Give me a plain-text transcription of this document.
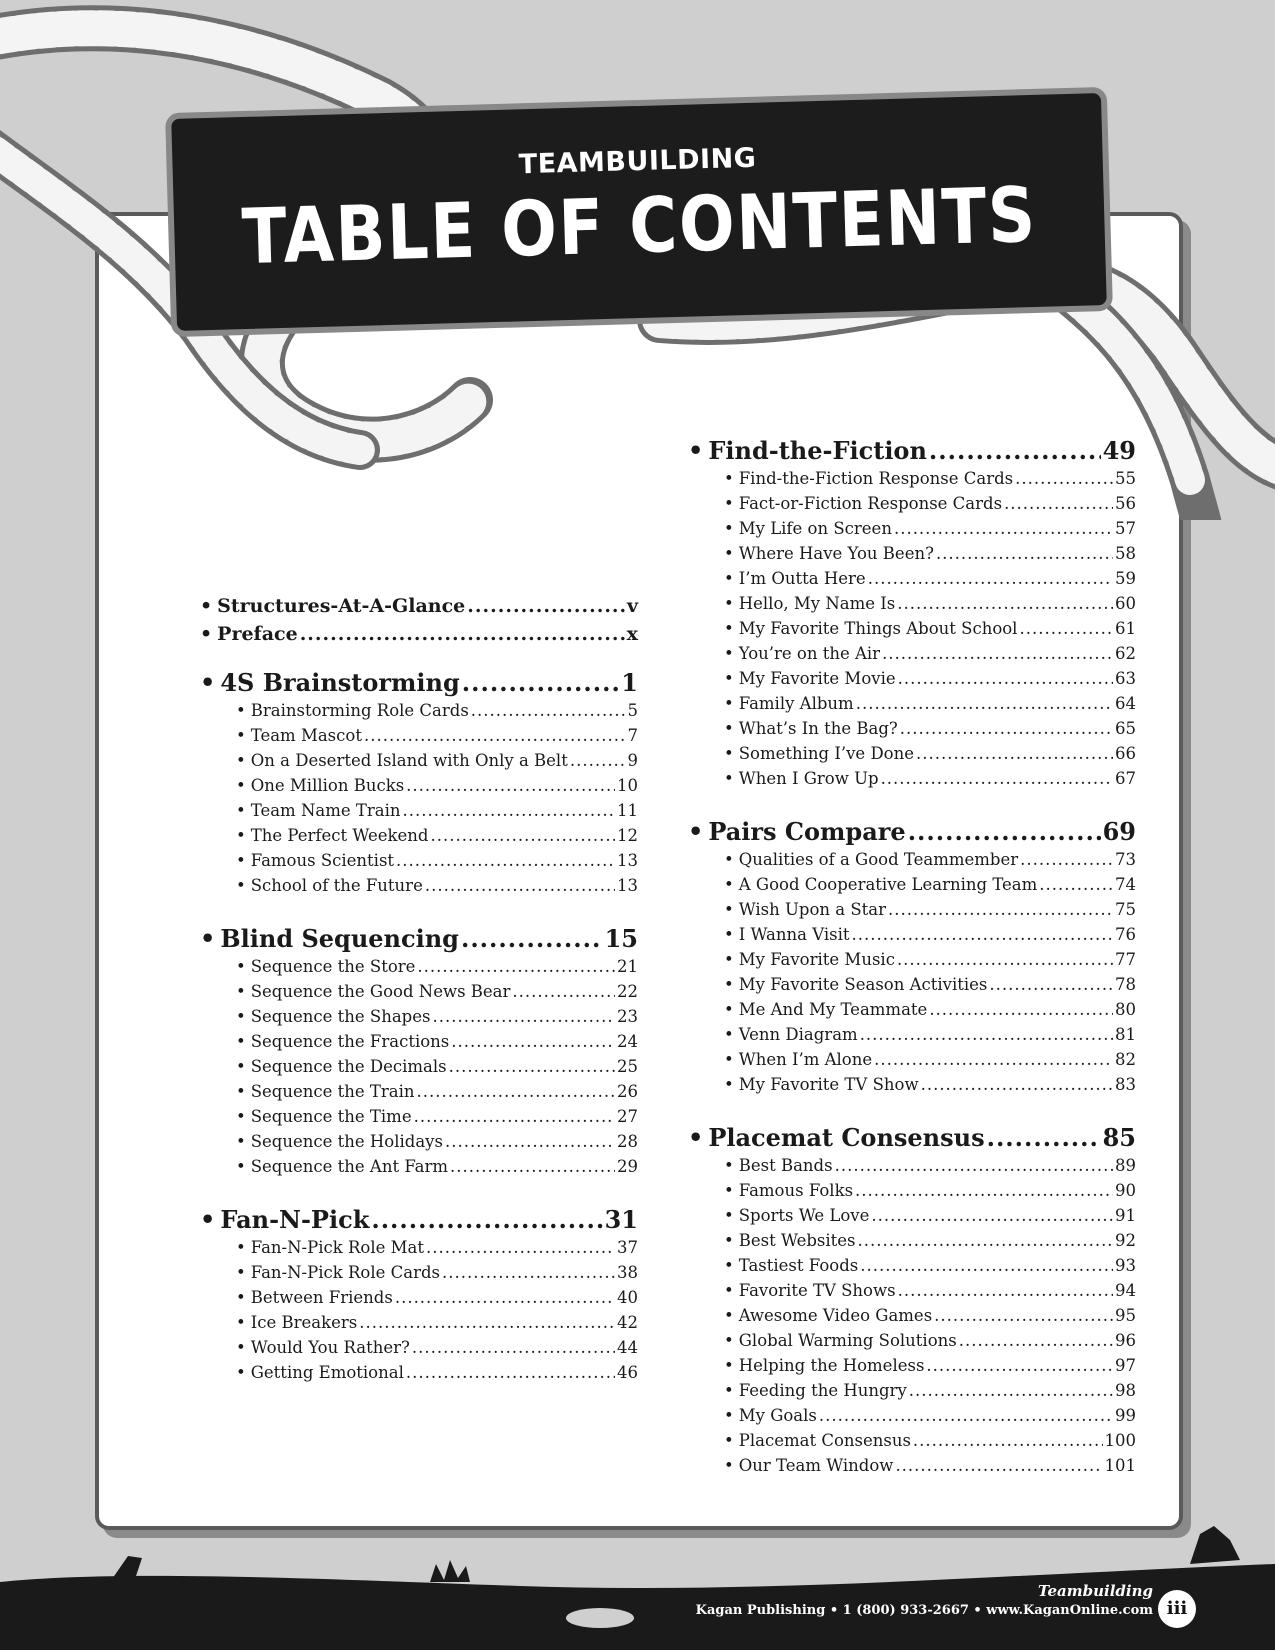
TEAMBUILDING
TABLE OF CONTENTS
• Structures-At-A-Glance .....	v
• Preface .....	x
• 4S Brainstorming .....	1
• Brainstorming Role Cards .....	5
• Team Mascot .....	7
• On a Deserted Island with Only a Belt .....	9
• One Million Bucks .....	10
• Team Name Train .....	11
• The Perfect Weekend .....	12
• Famous Scientist .....	13
• School of the Future .....	13
• Blind Sequencing .....	15
• Sequence the Store .....	21
• Sequence the Good News Bear .....	22
• Sequence the Shapes .....	23
• Sequence the Fractions .....	24
• Sequence the Decimals .....	25
• Sequence the Train .....	26
• Sequence the Time .....	27
• Sequence the Holidays .....	28
• Sequence the Ant Farm .....	29
• Fan-N-Pick .....	31
• Fan-N-Pick Role Mat .....	37
• Fan-N-Pick Role Cards .....	38
• Between Friends .....	40
• Ice Breakers .....	42
• Would You Rather? .....	44
• Getting Emotional .....	46
• Find-the-Fiction .....	49
• Find-the-Fiction Response Cards .....	55
• Fact-or-Fiction Response Cards .....	56
• My Life on Screen .....	57
• Where Have You Been? .....	58
• I’m Outta Here .....	59
• Hello, My Name Is .....	60
• My Favorite Things About School .....	61
• You’re on the Air .....	62
• My Favorite Movie .....	63
• Family Album .....	64
• What’s In the Bag? .....	65
• Something I’ve Done .....	66
• When I Grow Up .....	67
• Pairs Compare .....	69
• Qualities of a Good Teammember .....	73
• A Good Cooperative Learning Team .....	74
• Wish Upon a Star .....	75
• I Wanna Visit .....	76
• My Favorite Music .....	77
• My Favorite Season Activities .....	78
• Me And My Teammate .....	80
• Venn Diagram .....	81
• When I’m Alone .....	82
• My Favorite TV Show .....	83
• Placemat Consensus .....	85
• Best Bands .....	89
• Famous Folks .....	90
• Sports We Love .....	91
• Best Websites .....	92
• Tastiest Foods .....	93
• Favorite TV Shows .....	94
• Awesome Video Games .....	95
• Global Warming Solutions .....	96
• Helping the Homeless .....	97
• Feeding the Hungry .....	98
• My Goals .....	99
• Placemat Consensus .....	100
• Our Team Window .....	101
Teambuilding
Kagan Publishing • 1 (800) 933-2667 • www.KaganOnline.com iii
